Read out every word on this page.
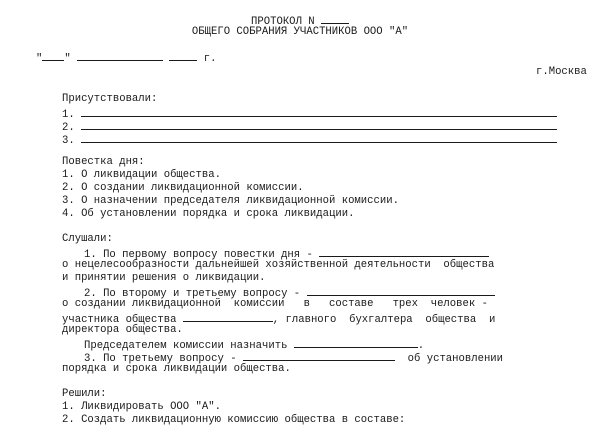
ПРОТОКОЛ N
ОБЩЕГО СОБРАНИЯ УЧАСТНИКОВ ООО "А"
" "	г.
г.Москва
Присутствовали:
1.
2.
3.
Повестка дня:
1. О ликвидации общества.
2. О создании ликвидационной комиссии.
3. О назначении председателя ликвидационной комиссии.
4. Об установлении порядка и срока ликвидации.
Слушали:
1. По первому вопросу повестки дня -
о нецелесообразности дальнейшей хозяйственной деятельности  общества
и принятии решения о ликвидации.
2. По второму и третьему вопросу -
о создании ликвидационной  комиссии   в   составе   трех  человек -
участника общества	, главного  бухгалтера  общества  и
директора общества.
Председателем комиссии назначить	.
3. По третьему вопросу -	об установлении
порядка и срока ликвидации общества.
Решили:
1. Ликвидировать ООО "А".
2. Создать ликвидационную комиссию общества в составе:
